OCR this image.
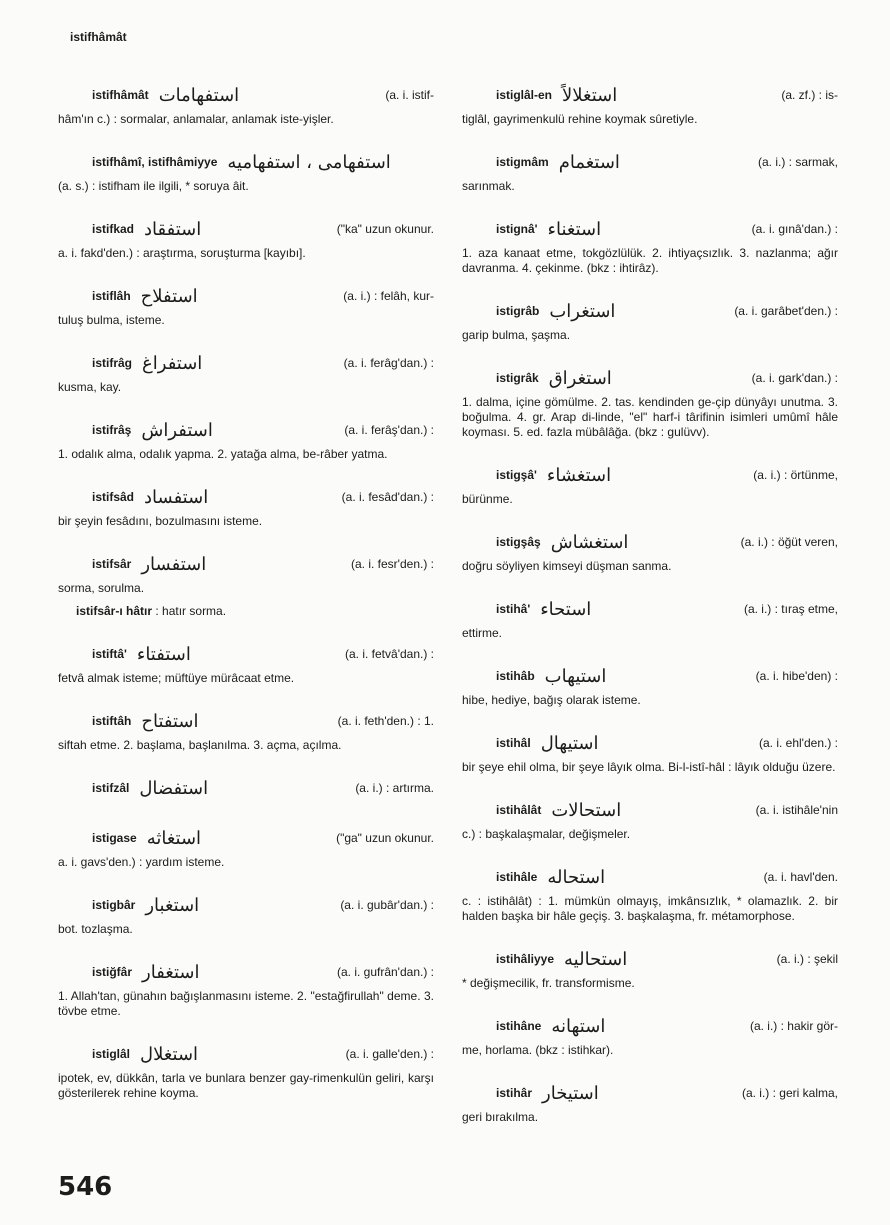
istifhâmât
istifhâmât استفهامات	(a. i. istif-
hâm'ın c.) : sormalar, anlamalar, anlamak iste-yişler.
istifhâmî, istifhâmiyye استفهامى ، استفهاميه
(a. s.) : istifham ile ilgili, * soruya âit.
istifkad استفقاد	("ka" uzun okunur.
a. i. fakd'den.) : araştırma, soruşturma [kayıbı].
istiflâh استفلاح	(a. i.) : felâh, kur-
tuluş bulma, isteme.
istifrâg استفراغ	(a. i. ferâg'dan.) :
kusma, kay.
istifrâş استفراش	(a. i. ferâş'dan.) :
1. odalık alma, odalık yapma. 2. yatağa alma, be-râber yatma.
istifsâd استفساد	(a. i. fesâd'dan.) :
bir şeyin fesâdını, bozulmasını isteme.
istifsâr استفسار	(a. i. fesr'den.) :
sorma, sorulma.
istifsâr-ı hâtır : hatır sorma.
istiftâ' استفتاء	(a. i. fetvâ'dan.) :
fetvâ almak isteme; müftüye mürâcaat etme.
istiftâh استفتاح	(a. i. feth'den.) : 1.
siftah etme. 2. başlama, başlanılma. 3. açma, açılma.
istifzâl استفضال	(a. i.) : artırma.
istigase استغاثه	("ga" uzun okunur.
a. i. gavs'den.) : yardım isteme.
istigbâr استغبار	(a. i. gubâr'dan.) :
bot. tozlaşma.
istiğfâr استغفار	(a. i. gufrân'dan.) :
1. Allah'tan, günahın bağışlanmasını isteme. 2. "estağfirullah" deme. 3. tövbe etme.
istiglâl استغلال	(a. i. galle'den.) :
ipotek, ev, dükkân, tarla ve bunlara benzer gay-rimenkulün geliri, karşı gösterilerek rehine koyma.
istiglâl-en استغلالاً	(a. zf.) : is-
tiglâl, gayrimenkulü rehine koymak sûretiyle.
istigmâm استغمام	(a. i.) : sarmak,
sarınmak.
istignâ' استغناء	(a. i. gınâ'dan.) :
1. aza kanaat etme, tokgözlülük. 2. ihtiyaçsızlık. 3. nazlanma; ağır davranma. 4. çekinme. (bkz : ihtirâz).
istigrâb استغراب	(a. i. garâbet'den.) :
garip bulma, şaşma.
istigrâk استغراق	(a. i. gark'dan.) :
1. dalma, içine gömülme. 2. tas. kendinden ge-çip dünyâyı unutma. 3. boğulma. 4. gr. Arap di-linde, "el" harf-i târifinin isimleri umûmî hâle koyması. 5. ed. fazla mübâlâğa. (bkz : gulüvv).
istigşâ' استغشاء	(a. i.) : örtünme,
bürünme.
istigşâş استغشاش	(a. i.) : öğüt veren,
doğru söyliyen kimseyi düşman sanma.
istihâ' استحاء	(a. i.) : tıraş etme,
ettirme.
istihâb استيهاب	(a. i. hibe'den) :
hibe, hediye, bağış olarak isteme.
istihâl استيهال	(a. i. ehl'den.) :
bir şeye ehil olma, bir şeye lâyık olma. Bi-l-istî-hâl : lâyık olduğu üzere.
istihâlât استحالات	(a. i. istihâle'nin
c.) : başkalaşmalar, değişmeler.
istihâle استحاله	(a. i. havl'den.
c. : istihâlât) : 1. mümkün olmayış, imkânsızlık, * olamazlık. 2. bir halden başka bir hâle geçiş. 3. başkalaşma, fr. métamorphose.
istihâliyye استحاليه	(a. i.) : şekil
* değişmecilik, fr. transformisme.
istihâne استهانه	(a. i.) : hakir gör-
me, horlama. (bkz : istihkar).
istihâr استيخار	(a. i.) : geri kalma,
geri bırakılma.
546
